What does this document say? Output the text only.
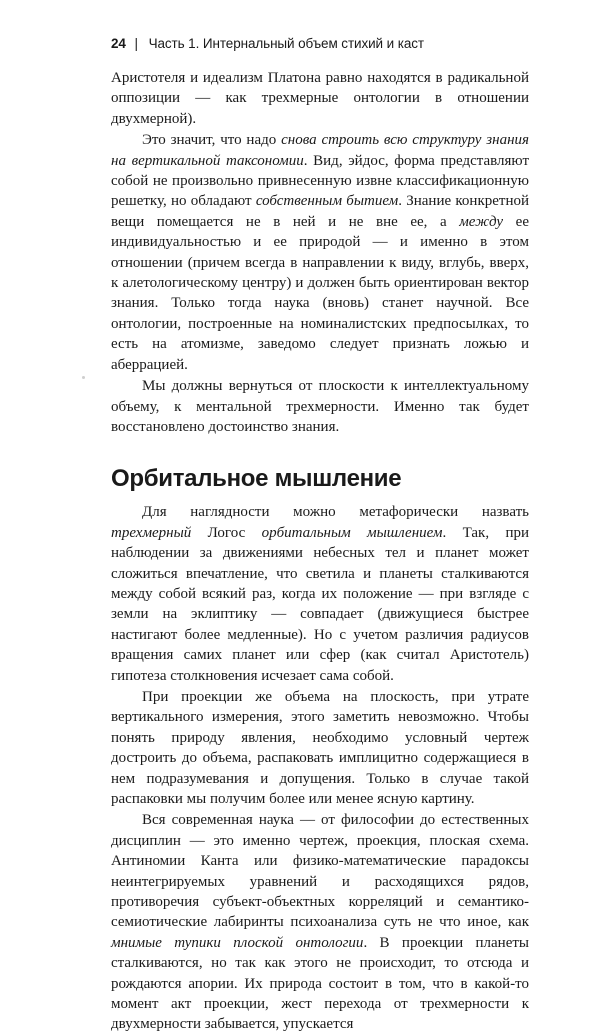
24 | Часть 1. Интернальный объем стихий и каст

Аристотеля и идеализм Платона равно находятся в радикальной оппозиции — как трехмерные онтологии в отношении двухмерной).

Это значит, что надо снова строить всю структуру знания на вертикальной таксономии. Вид, эйдос, форма представляют собой не произвольно привнесенную извне классификационную решетку, но обладают собственным бытием. Знание конкретной вещи помещается не в ней и не вне ее, а между ее индивидуальностью и ее природой — и именно в этом отношении (причем всегда в направлении к виду, вглубь, вверх, к алетологическому центру) и должен быть ориентирован вектор знания. Только тогда наука (вновь) станет научной. Все онтологии, построенные на номиналистских предпосылках, то есть на атомизме, заведомо следует признать ложью и аберрацией.

Мы должны вернуться от плоскости к интеллектуальному объему, к ментальной трехмерности. Именно так будет восстановлено достоинство знания.

Орбитальное мышление

Для наглядности можно метафорически назвать трехмерный Логос орбитальным мышлением. Так, при наблюдении за движениями небесных тел и планет может сложиться впечатление, что светила и планеты сталкиваются между собой всякий раз, когда их положение — при взгляде с земли на эклиптику — совпадает (движущиеся быстрее настигают более медленные). Но с учетом различия радиусов вращения самих планет или сфер (как считал Аристотель) гипотеза столкновения исчезает сама собой.

При проекции же объема на плоскость, при утрате вертикального измерения, этого заметить невозможно. Чтобы понять природу явления, необходимо условный чертеж достроить до объема, распаковать имплицитно содержащиеся в нем подразумевания и допущения. Только в случае такой распаковки мы получим более или менее ясную картину.

Вся современная наука — от философии до естественных дисциплин — это именно чертеж, проекция, плоская схема. Антиномии Канта или физико-математические парадоксы неинтегрируемых уравнений и расходящихся рядов, противоречия субъект-объектных корреляций и семантико-семиотические лабиринты психоанализа суть не что иное, как мнимые тупики плоской онтологии. В проекции планеты сталкиваются, но так как этого не происходит, то отсюда и рождаются апории. Их природа состоит в том, что в какой-то момент акт проекции, жест перехода от трехмерности к двухмерности забывается, упускается
